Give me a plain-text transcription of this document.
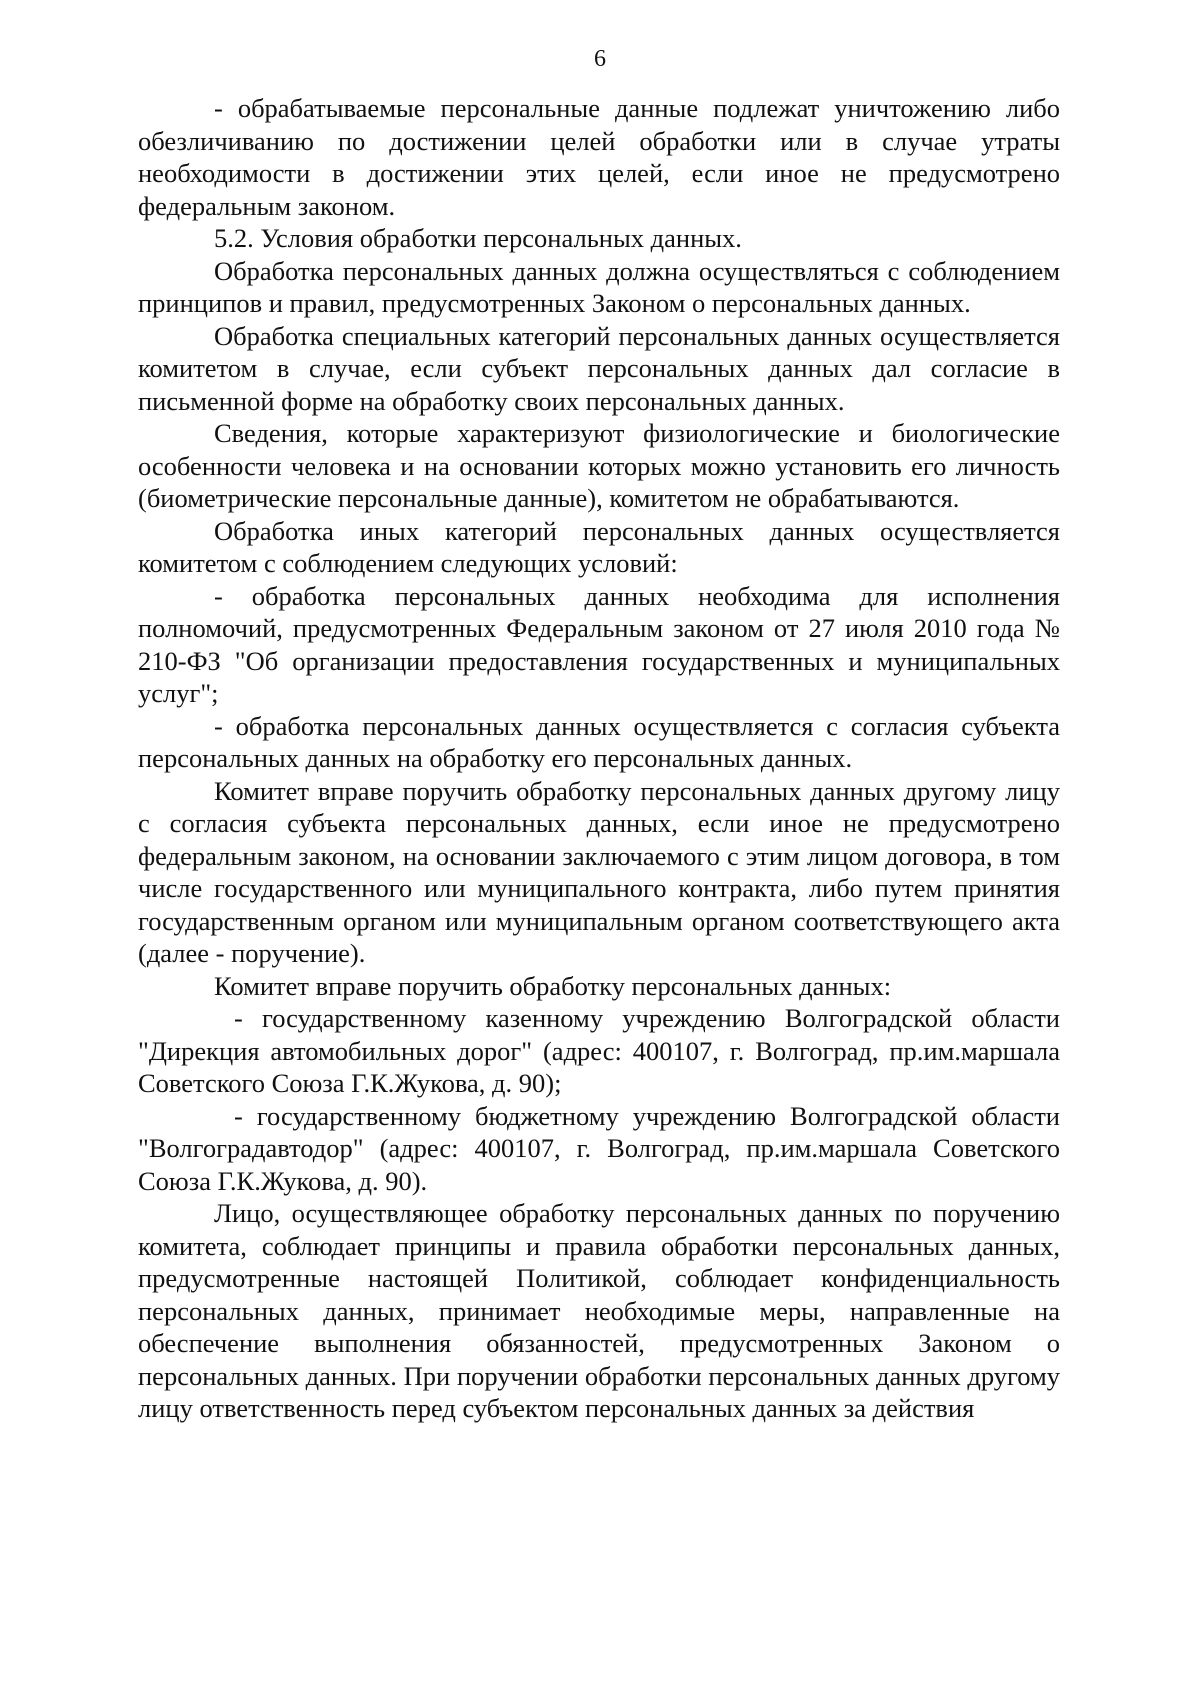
6

- обрабатываемые персональные данные подлежат уничтожению либо обезличиванию по достижении целей обработки или в случае утраты необходимости в достижении этих целей, если иное не предусмотрено федеральным законом.

5.2. Условия обработки персональных данных.

Обработка персональных данных должна осуществляться с соблюдением принципов и правил, предусмотренных Законом о персональных данных.

Обработка специальных категорий персональных данных осуществляется комитетом в случае, если субъект персональных данных дал согласие в письменной форме на обработку своих персональных данных.

Сведения, которые характеризуют физиологические и биологические особенности человека и на основании которых можно установить его личность (биометрические персональные данные), комитетом не обрабатываются.

Обработка иных категорий персональных данных осуществляется комитетом с соблюдением следующих условий:

- обработка персональных данных необходима для исполнения полномочий, предусмотренных Федеральным законом от 27 июля 2010 года № 210-ФЗ "Об организации предоставления государственных и муниципальных услуг";

- обработка персональных данных осуществляется с согласия субъекта персональных данных на обработку его персональных данных.

Комитет вправе поручить обработку персональных данных другому лицу с согласия субъекта персональных данных, если иное не предусмотрено федеральным законом, на основании заключаемого с этим лицом договора, в том числе государственного или муниципального контракта, либо путем принятия государственным органом или муниципальным органом соответствующего акта (далее - поручение).

Комитет вправе поручить обработку персональных данных:

- государственному казенному учреждению Волгоградской области "Дирекция автомобильных дорог" (адрес: 400107, г. Волгоград, пр.им.маршала Советского Союза Г.К.Жукова, д. 90);

- государственному бюджетному учреждению Волгоградской области "Волгоградавтодор" (адрес: 400107, г. Волгоград, пр.им.маршала Советского Союза Г.К.Жукова, д. 90).

Лицо, осуществляющее обработку персональных данных по поручению комитета, соблюдает принципы и правила обработки персональных данных, предусмотренные настоящей Политикой, соблюдает конфиденциальность персональных данных, принимает необходимые меры, направленные на обеспечение выполнения обязанностей, предусмотренных Законом о персональных данных. При поручении обработки персональных данных другому лицу ответственность перед субъектом персональных данных за действия
